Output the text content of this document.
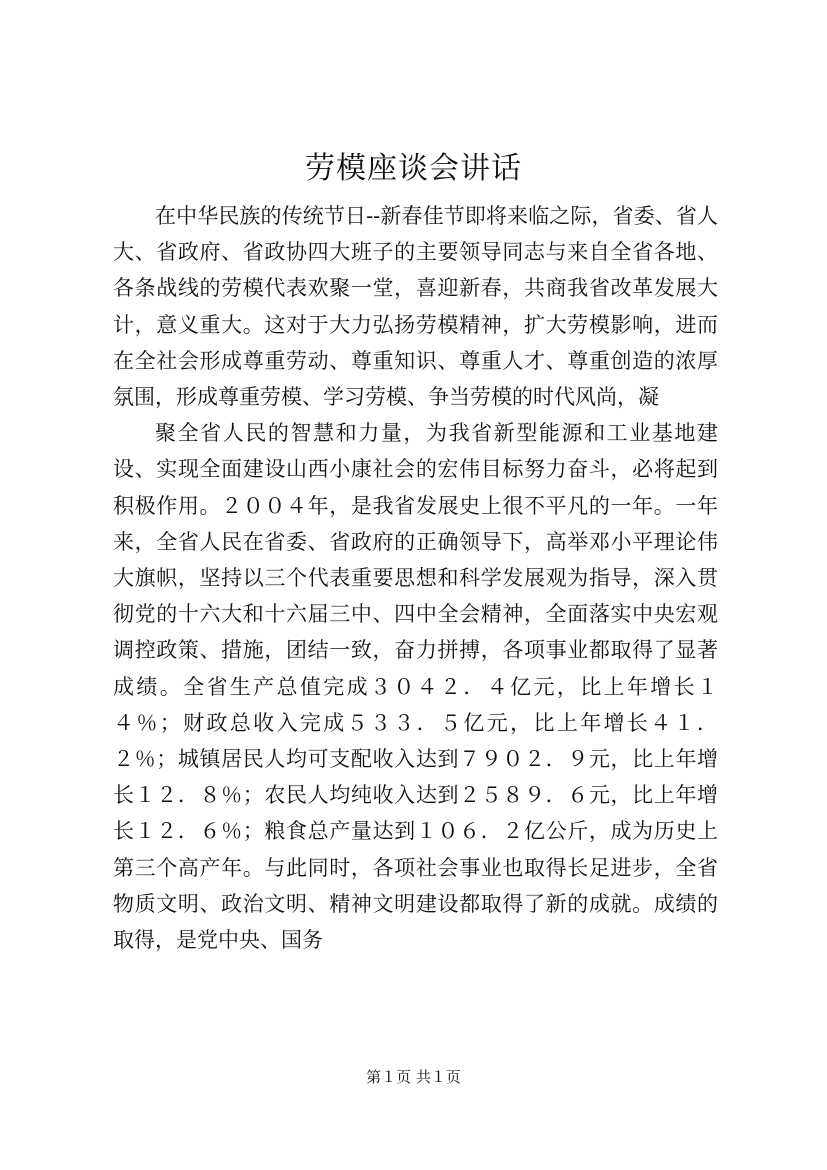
劳模座谈会讲话

在中华民族的传统节日--新春佳节即将来临之际，省委、省人大、省政府、省政协四大班子的主要领导同志与来自全省各地、各条战线的劳模代表欢聚一堂，喜迎新春，共商我省改革发展大计，意义重大。这对于大力弘扬劳模精神，扩大劳模影响，进而在全社会形成尊重劳动、尊重知识、尊重人才、尊重创造的浓厚氛围，形成尊重劳模、学习劳模、争当劳模的时代风尚，凝

聚全省人民的智慧和力量，为我省新型能源和工业基地建设、实现全面建设山西小康社会的宏伟目标努力奋斗，必将起到积极作用。２００４年，是我省发展史上很不平凡的一年。一年来，全省人民在省委、省政府的正确领导下，高举邓小平理论伟大旗帜，坚持以三个代表重要思想和科学发展观为指导，深入贯彻党的十六大和十六届三中、四中全会精神，全面落实中央宏观调控政策、措施，团结一致，奋力拼搏，各项事业都取得了显著成绩。全省生产总值完成３０４２．４亿元，比上年增长１４％；财政总收入完成５３３．５亿元，比上年增长４１．２％；城镇居民人均可支配收入达到７９０２．９元，比上年增长１２．８％；农民人均纯收入达到２５８９．６元，比上年增长１２．６％；粮食总产量达到１０６．２亿公斤，成为历史上第三个高产年。与此同时，各项社会事业也取得长足进步，全省物质文明、政治文明、精神文明建设都取得了新的成就。成绩的取得，是党中央、国务

第１页 共１页
